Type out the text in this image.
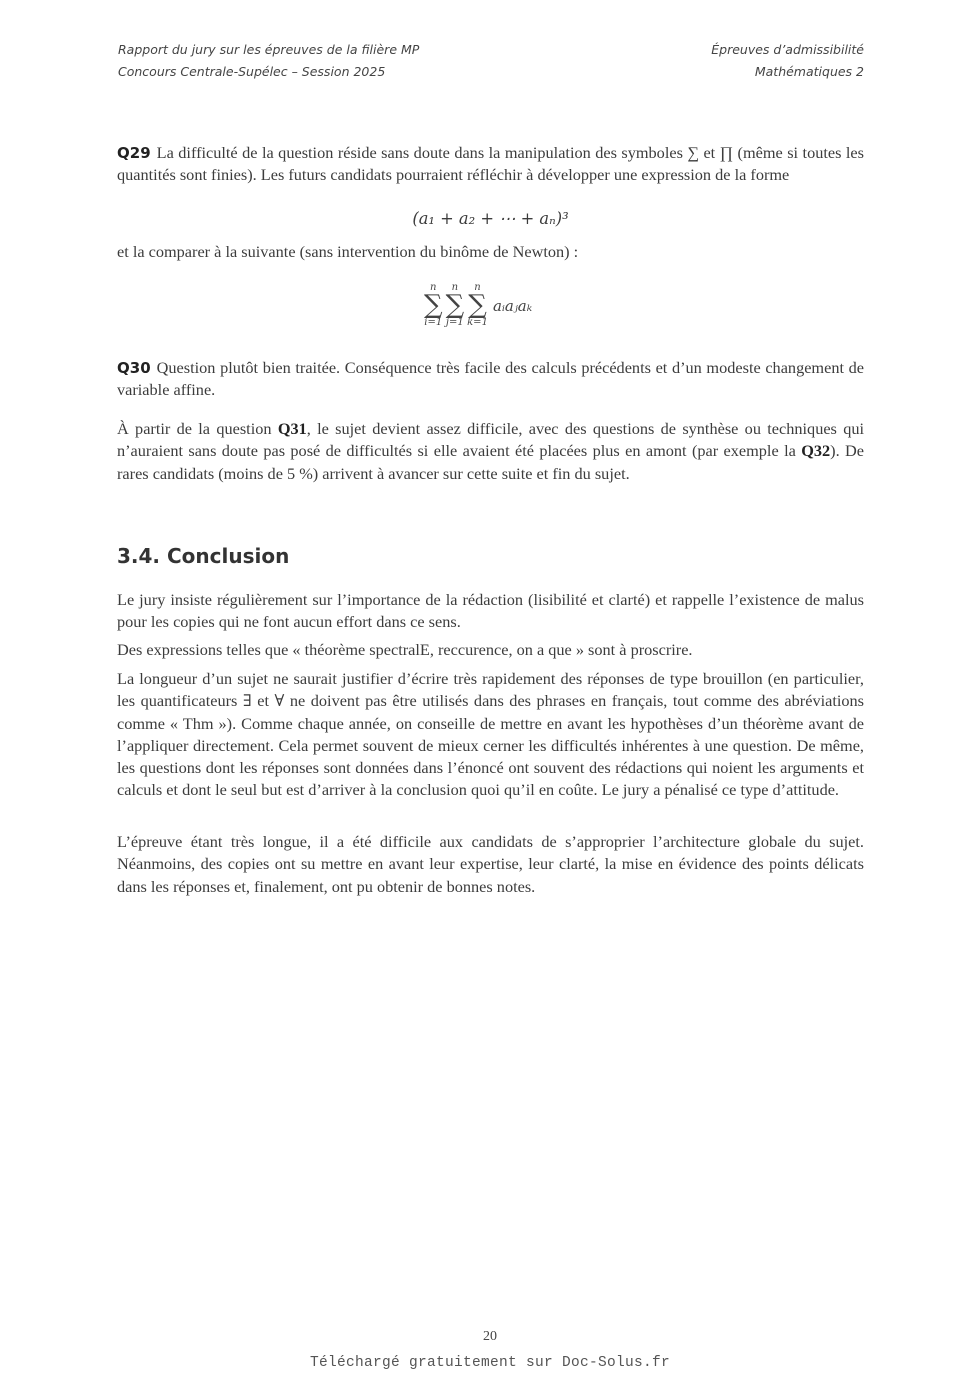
Rapport du jury sur les épreuves de la filière MP
Concours Centrale-Supélec – Session 2025
Épreuves d’admissibilité
Mathématiques 2

Q29 La difficulté de la question réside sans doute dans la manipulation des symboles ∑ et ∏ (même si toutes les quantités sont finies). Les futurs candidats pourraient réfléchir à développer une expression de la forme

(a₁ + a₂ + ⋯ + aₙ)³

et la comparer à la suivante (sans intervention du binôme de Newton) :

n
∑
i=1
n
∑
j=1
n
∑
k=1
aᵢaⱼaₖ

Q30 Question plutôt bien traitée. Conséquence très facile des calculs précédents et d’un modeste changement de variable affine.

À partir de la question Q31, le sujet devient assez difficile, avec des questions de synthèse ou techniques qui n’auraient sans doute pas posé de difficultés si elle avaient été placées plus en amont (par exemple la Q32). De rares candidats (moins de 5 %) arrivent à avancer sur cette suite et fin du sujet.

3.4. Conclusion

Le jury insiste régulièrement sur l’importance de la rédaction (lisibilité et clarté) et rappelle l’existence de malus pour les copies qui ne font aucun effort dans ce sens.

Des expressions telles que « théorème spectralE, reccurence, on a que » sont à proscrire.

La longueur d’un sujet ne saurait justifier d’écrire très rapidement des réponses de type brouillon (en particulier, les quantificateurs ∃ et ∀ ne doivent pas être utilisés dans des phrases en français, tout comme des abréviations comme « Thm »). Comme chaque année, on conseille de mettre en avant les hypothèses d’un théorème avant de l’appliquer directement. Cela permet souvent de mieux cerner les difficultés inhérentes à une question. De même, les questions dont les réponses sont données dans l’énoncé ont souvent des rédactions qui noient les arguments et calculs et dont le seul but est d’arriver à la conclusion quoi qu’il en coûte. Le jury a pénalisé ce type d’attitude.

L’épreuve étant très longue, il a été difficile aux candidats de s’approprier l’architecture globale du sujet. Néanmoins, des copies ont su mettre en avant leur expertise, leur clarté, la mise en évidence des points délicats dans les réponses et, finalement, ont pu obtenir de bonnes notes.

20
Téléchargé gratuitement sur Doc-Solus.fr
